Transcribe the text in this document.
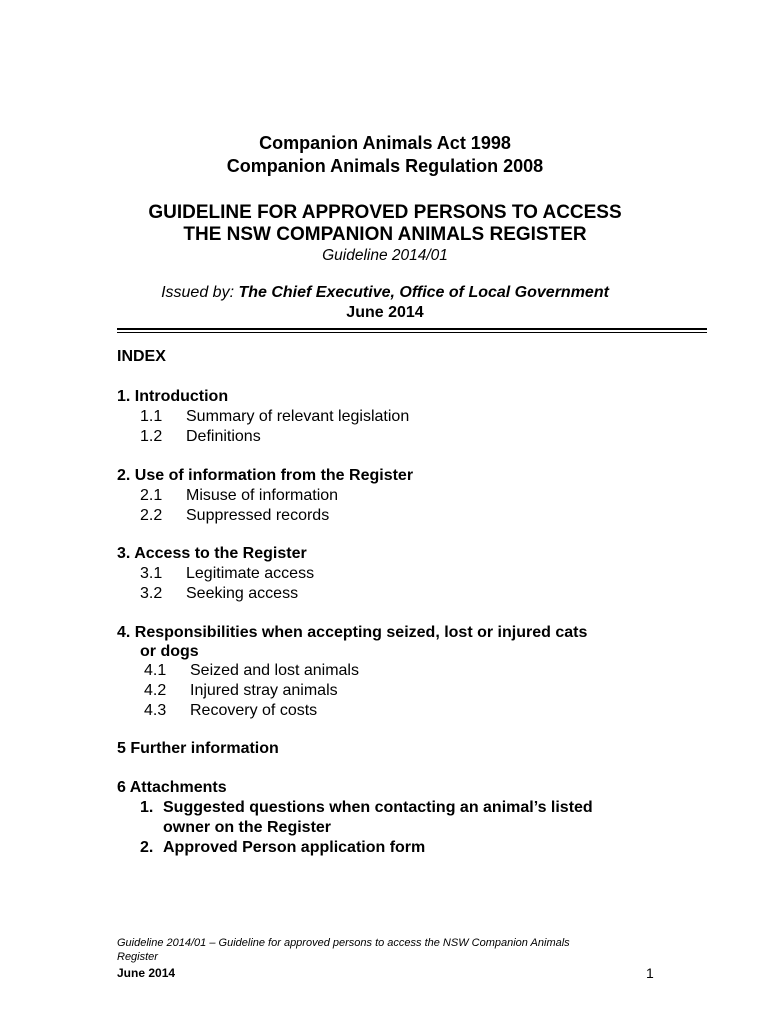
Companion Animals Act 1998
Companion Animals Regulation 2008
GUIDELINE FOR APPROVED PERSONS TO ACCESS
THE NSW COMPANION ANIMALS REGISTER
Guideline 2014/01
Issued by: The Chief Executive, Office of Local Government
June 2014
INDEX
1. Introduction
1.1 Summary of relevant legislation
1.2 Definitions
2. Use of information from the Register
2.1 Misuse of information
2.2 Suppressed records
3. Access to the Register
3.1 Legitimate access
3.2 Seeking access
4. Responsibilities when accepting seized, lost or injured cats
or dogs
4.1 Seized and lost animals
4.2 Injured stray animals
4.3 Recovery of costs
5 Further information
6 Attachments
1. Suggested questions when contacting an animal’s listed
owner on the Register
2. Approved Person application form
Guideline 2014/01 – Guideline for approved persons to access the NSW Companion Animals
Register
June 2014	1
